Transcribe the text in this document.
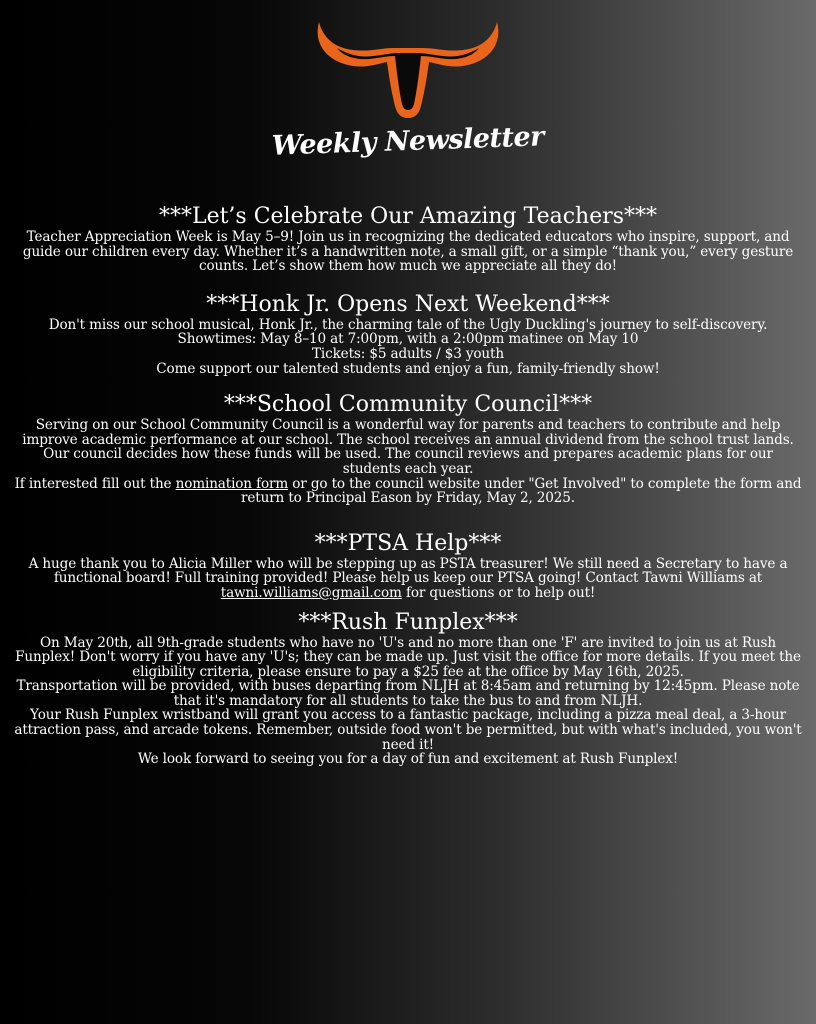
Weekly Newsletter
***Let’s Celebrate Our Amazing Teachers***

Teacher Appreciation Week is May 5–9! Join us in recognizing the dedicated educators who inspire, support, and guide our children every day. Whether it’s a handwritten note, a small gift, or a simple “thank you,” every gesture counts. Let’s show them how much we appreciate all they do!

***Honk Jr. Opens Next Weekend***

Don't miss our school musical, Honk Jr., the charming tale of the Ugly Duckling's journey to self-discovery.

Showtimes: May 8–10 at 7:00pm, with a 2:00pm matinee on May 10

Tickets: $5 adults / $3 youth

Come support our talented students and enjoy a fun, family-friendly show!

***School Community Council***

Serving on our School Community Council is a wonderful way for parents and teachers to contribute and help improve academic performance at our school. The school receives an annual dividend from the school trust lands. Our council decides how these funds will be used. The council reviews and prepares academic plans for our students each year.

If interested fill out the nomination form or go to the council website under "Get Involved" to complete the form and return to Principal Eason by Friday, May 2, 2025.

***PTSA Help***

A huge thank you to Alicia Miller who will be stepping up as PSTA treasurer! We still need a Secretary to have a functional board! Full training provided! Please help us keep our PTSA going! Contact Tawni Williams at tawni.williams@gmail.com for questions or to help out!

***Rush Funplex***

On May 20th, all 9th-grade students who have no 'U's and no more than one 'F' are invited to join us at Rush Funplex! Don't worry if you have any 'U's; they can be made up. Just visit the office for more details. If you meet the eligibility criteria, please ensure to pay a $25 fee at the office by May 16th, 2025.

Transportation will be provided, with buses departing from NLJH at 8:45am and returning by 12:45pm. Please note that it's mandatory for all students to take the bus to and from NLJH.

Your Rush Funplex wristband will grant you access to a fantastic package, including a pizza meal deal, a 3-hour attraction pass, and arcade tokens. Remember, outside food won't be permitted, but with what's included, you won't need it!

We look forward to seeing you for a day of fun and excitement at Rush Funplex!
